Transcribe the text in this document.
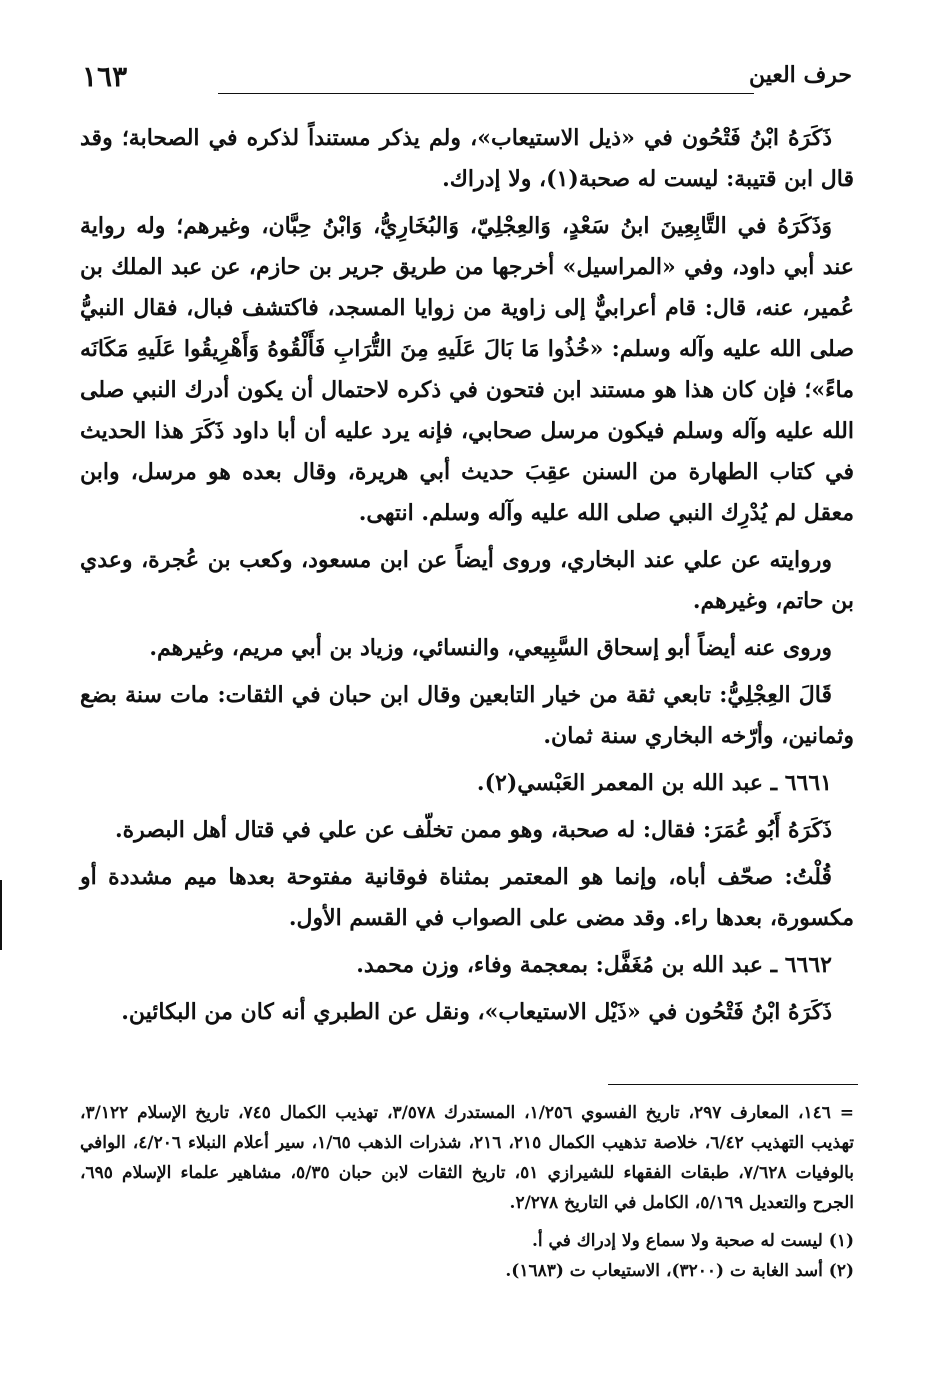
١٦٣	حرف العين

ذَكَرَهُ ابْنُ فَتْحُون في «ذيل الاستيعاب»، ولم يذكر مستنداً لذكره في الصحابة؛ وقد قال ابن قتيبة: ليست له صحبة(١)، ولا إدراك.

وَذَكَرَهُ في التَّابِعِينَ ابنُ سَعْدٍ، وَالعِجْلِيّ، وَالبُخَارِيُّ، وَابْنُ حِبَّان، وغيرهم؛ وله رواية عند أبي داود، وفي «المراسيل» أخرجها من طريق جرير بن حازم، عن عبد الملك بن عُمير، عنه، قال: قام أعرابيٌّ إلى زاوية من زوايا المسجد، فاكتشف فبال، فقال النبيُّ صلى الله عليه وآله وسلم: «خُذُوا مَا بَالَ عَلَيهِ مِنَ التُّرَابِ فَأَلْقُوهُ وَأَهْرِيقُوا عَلَيهِ مَكَانَه ماءً»؛ فإن كان هذا هو مستند ابن فتحون في ذكره لاحتمال أن يكون أدرك النبي صلى الله عليه وآله وسلم فيكون مرسل صحابي، فإنه يرد عليه أن أبا داود ذَكَرَ هذا الحديث في كتاب الطهارة من السنن عقِبَ حديث أبي هريرة، وقال بعده هو مرسل، وابن معقل لم يُدْرِك النبي صلى الله عليه وآله وسلم. انتهى.

وروايته عن علي عند البخاري، وروى أيضاً عن ابن مسعود، وكعب بن عُجرة، وعدي بن حاتم، وغيرهم.

وروى عنه أيضاً أبو إسحاق السَّبِيعي، والنسائي، وزياد بن أبي مريم، وغيرهم.

قَالَ العِجْلِيُّ: تابعي ثقة من خيار التابعين وقال ابن حبان في الثقات: مات سنة بضع وثمانين، وأرّخه البخاري سنة ثمان.

٦٦٦١ ـ عبد الله بن المعمر العَبْسي(٢).

ذَكَرَهُ أَبُو عُمَرَ: فقال: له صحبة، وهو ممن تخلّف عن علي في قتال أهل البصرة.

قُلْتُ: صحّف أباه، وإنما هو المعتمر بمثناة فوقانية مفتوحة بعدها ميم مشددة أو مكسورة، بعدها راء. وقد مضى على الصواب في القسم الأول.

٦٦٦٢ ـ عبد الله بن مُغَفَّل: بمعجمة وفاء، وزن محمد.

ذَكَرَهُ ابْنُ فَتْحُون في «ذَيْل الاستيعاب»، ونقل عن الطبري أنه كان من البكائين.

= ١٤٦، المعارف ٢٩٧، تاريخ الفسوي ١/٢٥٦، المستدرك ٣/٥٧٨، تهذيب الكمال ٧٤٥، تاريخ الإسلام ٣/١٢٢، تهذيب التهذيب ٦/٤٢، خلاصة تذهيب الكمال ٢١٥، ٢١٦، شذرات الذهب ١/٦٥، سير أعلام النبلاء ٤/٢٠٦، الوافي بالوفيات ٧/٦٢٨، طبقات الفقهاء للشيرازي ٥١، تاريخ الثقات لابن حبان ٥/٣٥، مشاهير علماء الإسلام ٦٩٥، الجرح والتعديل ٥/١٦٩، الكامل في التاريخ ٢/٢٧٨.

(١) ليست له صحبة ولا سماع ولا إدراك في أ.

(٢) أسد الغابة ت (٣٢٠٠)، الاستيعاب ت (١٦٨٣).
